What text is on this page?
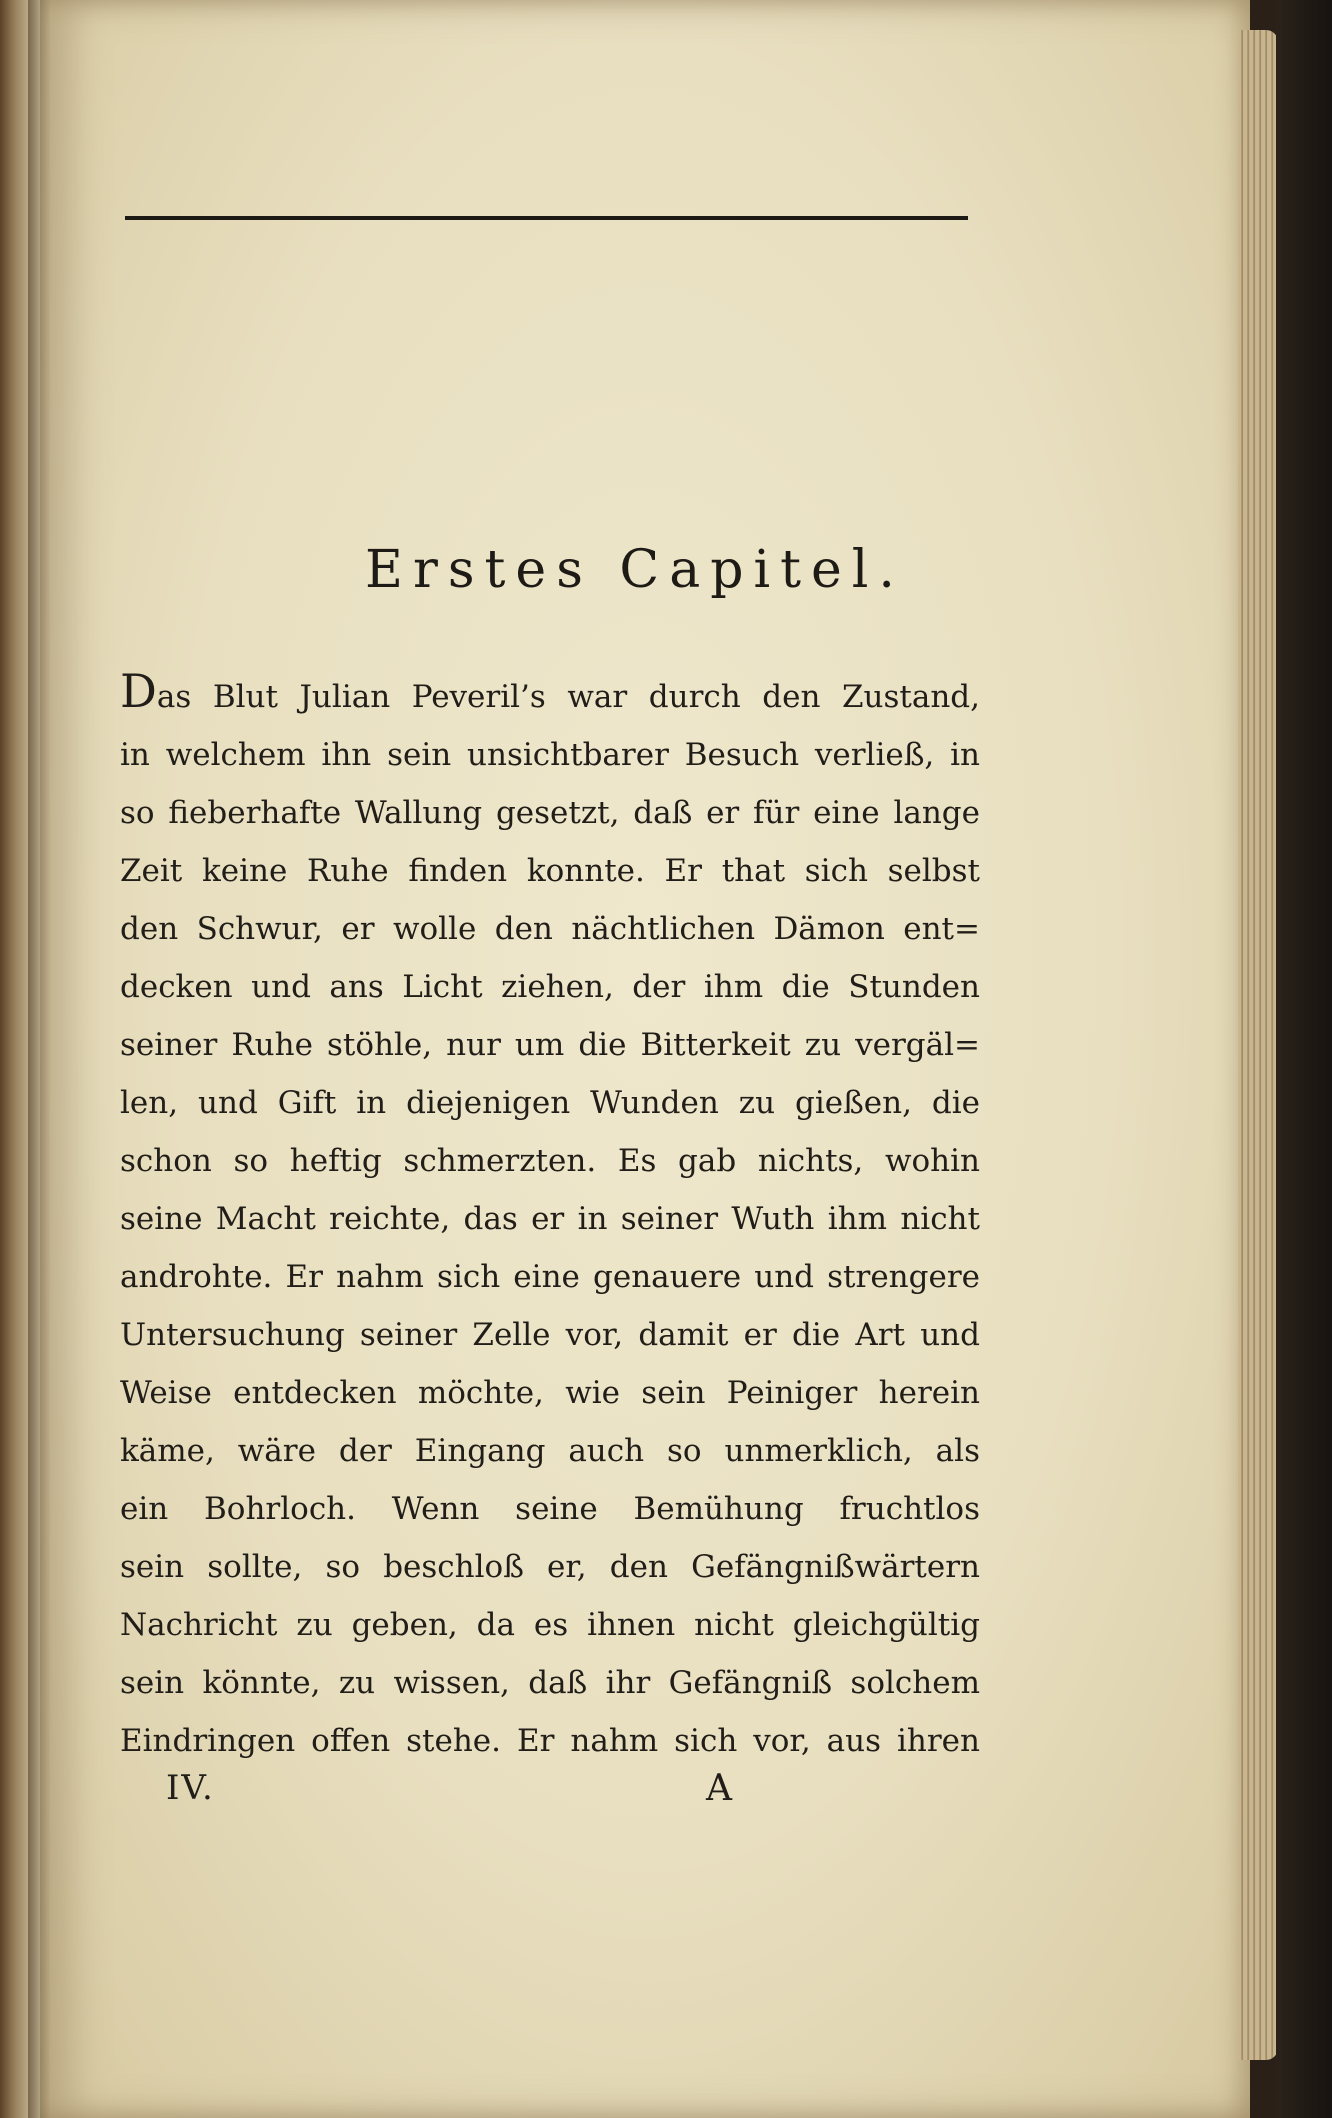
Erstes Capitel.
Das Blut Julian Peveril’s war durch den Zustand,
in welchem ihn sein unsichtbarer Besuch verließ, in
so fieberhafte Wallung gesetzt, daß er für eine lange
Zeit keine Ruhe finden konnte. Er that sich selbst
den Schwur, er wolle den nächtlichen Dämon ent=
decken und ans Licht ziehen, der ihm die Stunden
seiner Ruhe stöhle, nur um die Bitterkeit zu vergäl=
len, und Gift in diejenigen Wunden zu gießen, die
schon so heftig schmerzten. Es gab nichts, wohin
seine Macht reichte, das er in seiner Wuth ihm nicht
androhte. Er nahm sich eine genauere und strengere
Untersuchung seiner Zelle vor, damit er die Art und
Weise entdecken möchte, wie sein Peiniger herein
käme, wäre der Eingang auch so unmerklich, als
ein Bohrloch. Wenn seine Bemühung fruchtlos
sein sollte, so beschloß er, den Gefängnißwärtern
Nachricht zu geben, da es ihnen nicht gleichgültig
sein könnte, zu wissen, daß ihr Gefängniß solchem
Eindringen offen stehe. Er nahm sich vor, aus ihren
IV.	A
